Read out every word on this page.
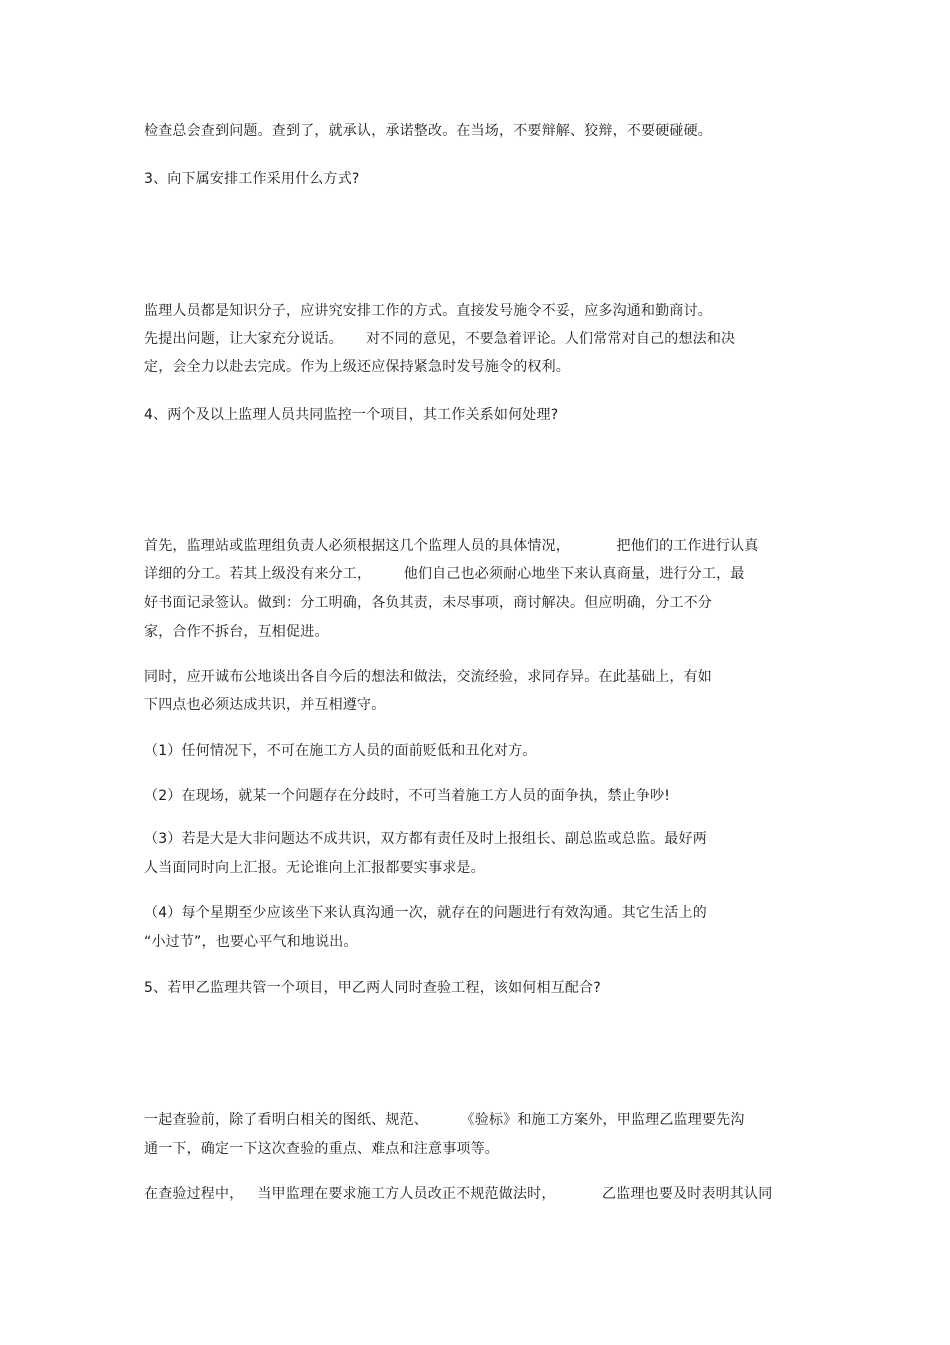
检查总会查到问题。查到了，就承认，承诺整改。在当场，不要辩解、狡辩，不要硬碰硬。
3、向下属安排工作采用什么方式?
监理人员都是知识分子，应讲究安排工作的方式。直接发号施令不妥，应多沟通和勤商讨。
先提出问题，让大家充分说话。     对不同的意见，不要急着评论。人们常常对自己的想法和决
定，会全力以赴去完成。作为上级还应保持紧急时发号施令的权利。
4、两个及以上监理人员共同监控一个项目，其工作关系如何处理?
首先，监理站或监理组负责人必须根据这几个监理人员的具体情况，          把他们的工作进行认真
详细的分工。若其上级没有来分工，       他们自己也必须耐心地坐下来认真商量，进行分工，最
好书面记录签认。做到：分工明确，各负其责，未尽事项，商讨解决。但应明确，分工不分
家，合作不拆台，互相促进。
同时，应开诚布公地谈出各自今后的想法和做法，交流经验，求同存异。在此基础上，有如
下四点也必须达成共识，并互相遵守。
（1）任何情况下，不可在施工方人员的面前贬低和丑化对方。
（2）在现场，就某一个问题存在分歧时，不可当着施工方人员的面争执，禁止争吵!
（3）若是大是大非问题达不成共识，双方都有责任及时上报组长、副总监或总监。最好两
人当面同时向上汇报。无论谁向上汇报都要实事求是。
（4）每个星期至少应该坐下来认真沟通一次，就存在的问题进行有效沟通。其它生活上的
“小过节”，也要心平气和地说出。
5、若甲乙监理共管一个项目，甲乙两人同时查验工程，该如何相互配合?
一起查验前，除了看明白相关的图纸、规范、       《验标》和施工方案外，甲监理乙监理要先沟
通一下，确定一下这次查验的重点、难点和注意事项等。
在查验过程中，   当甲监理在要求施工方人员改正不规范做法时，          乙监理也要及时表明其认同
